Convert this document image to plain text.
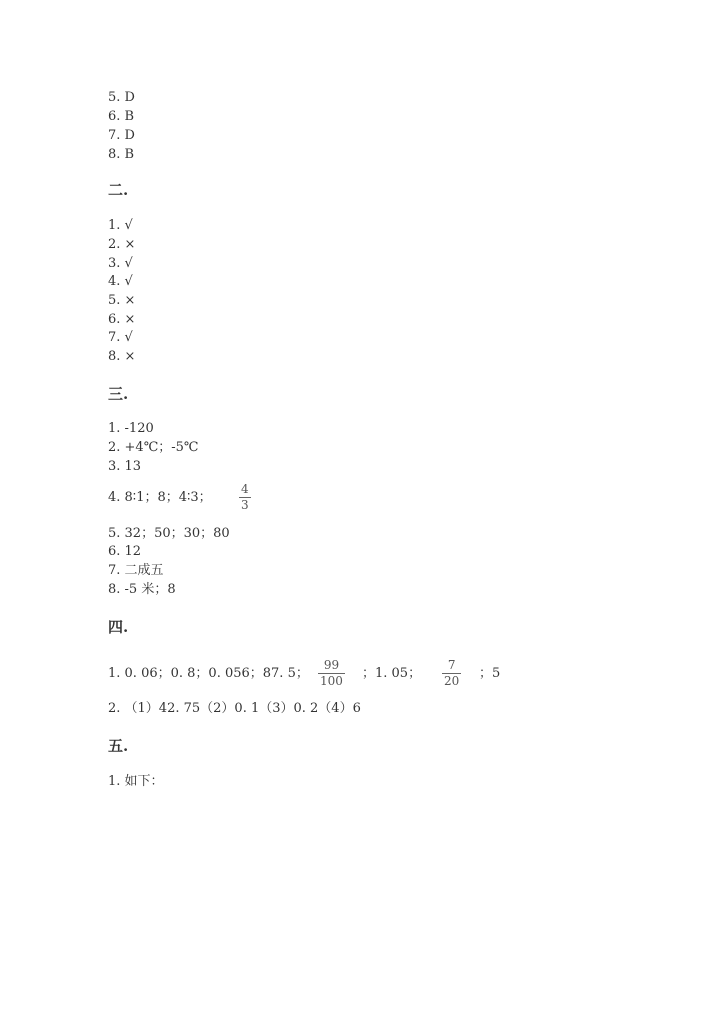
5. D
6. B
7. D
8. B
二.
1. √
2. ×
3. √
4. √
5. ×
6. ×
7. √
8. ×
三.
1. -120
2. +4℃；-5℃
3. 13
4. 8∶1；8；4∶3；
4
3
5. 32；50；30；80
6. 12
7. 二成五
8. -5 米；8
四.
1. 0. 06；0. 8；0. 056；87. 5；
99
100 ；1. 05；
7
20 ；5
2. （1）42. 75（2）0. 1（3）0. 2（4）6
五.
1. 如下：
